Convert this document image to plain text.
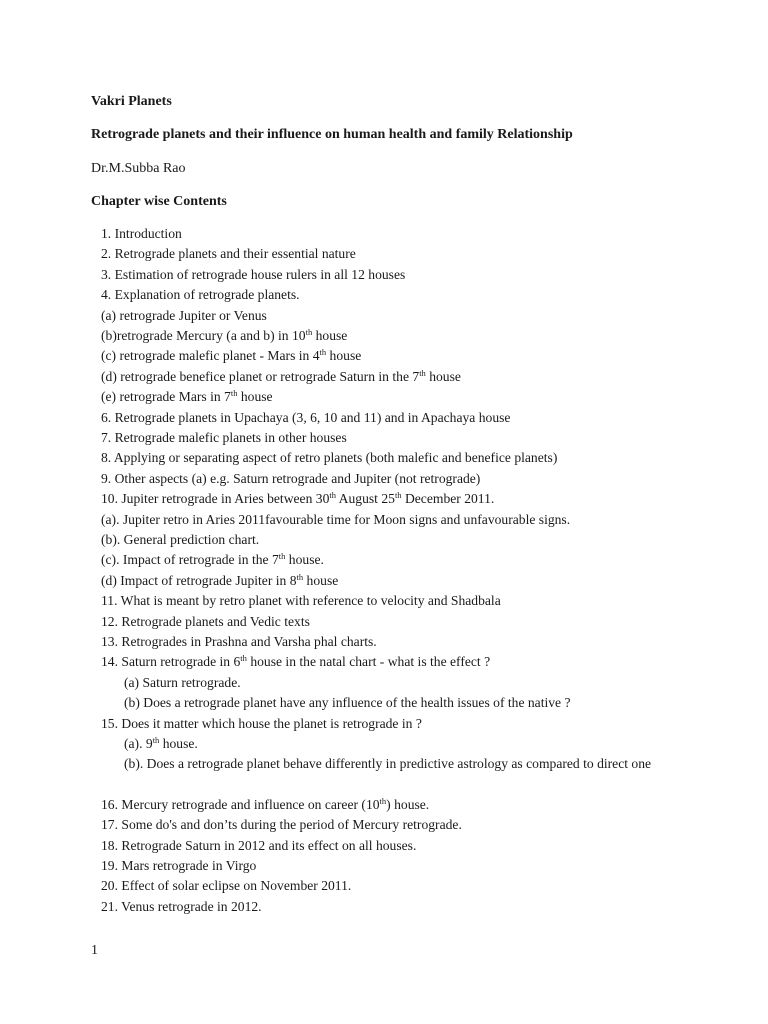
Vakri Planets
Retrograde planets and their influence on human health and family Relationship
Dr.M.Subba Rao
Chapter wise Contents
1. Introduction
2. Retrograde planets and their essential nature
3. Estimation of retrograde house rulers in all 12 houses
4. Explanation of retrograde planets.
(a) retrograde Jupiter or Venus
(b)retrograde Mercury (a and b) in 10th house
(c) retrograde malefic planet - Mars in 4th house
(d) retrograde benefice planet or retrograde Saturn in the 7th house
(e) retrograde Mars in 7th house
6. Retrograde planets in Upachaya (3, 6, 10 and 11) and in Apachaya house
7. Retrograde malefic planets in other houses
8. Applying or separating aspect of retro planets (both malefic and benefice planets)
9. Other aspects (a) e.g. Saturn retrograde and Jupiter (not retrograde)
10. Jupiter retrograde in Aries between 30th August 25th December 2011.
(a). Jupiter retro in Aries 2011favourable time for Moon signs and unfavourable signs.
(b). General prediction chart.
(c). Impact of retrograde in the 7th house.
(d) Impact of retrograde Jupiter in 8th house
11. What is meant by retro planet with reference to velocity and Shadbala
12. Retrograde planets and Vedic texts
13. Retrogrades in Prashna and Varsha phal charts.
14. Saturn retrograde in 6th house in the natal chart - what is the effect ?
(a) Saturn retrograde.
(b) Does a retrograde planet have any influence of the health issues of the native ?
15. Does it matter which house the planet is retrograde in ?
(a). 9th house.
(b). Does a retrograde planet behave differently in predictive astrology as compared to direct one
16. Mercury retrograde and influence on career (10th) house.
17. Some do's and don’ts during the period of Mercury retrograde.
18. Retrograde Saturn in 2012 and its effect on all houses.
19. Mars retrograde in Virgo
20. Effect of solar eclipse on November 2011.
21. Venus retrograde in 2012.
1
